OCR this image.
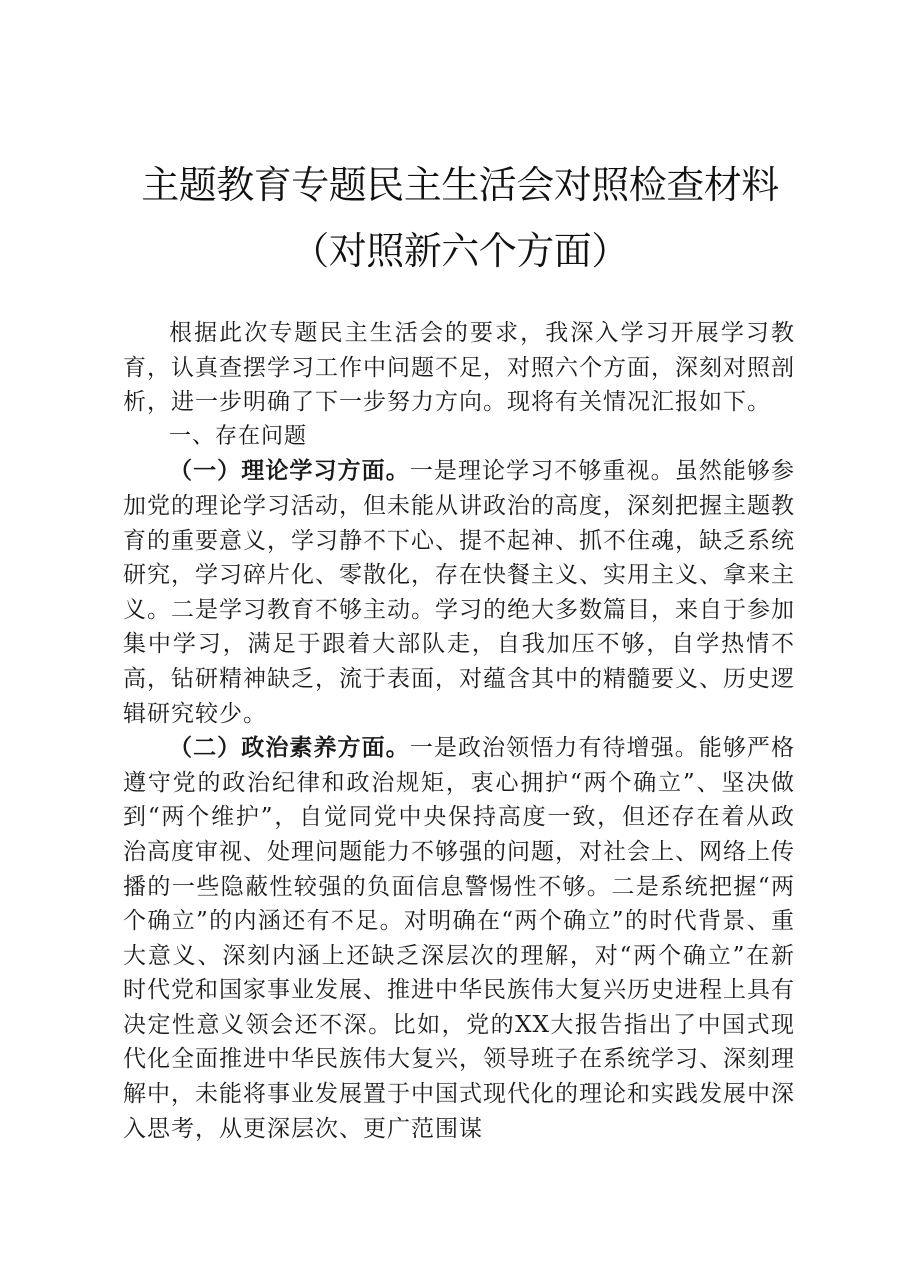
主题教育专题民主生活会对照检查材料（对照新六个方面）

根据此次专题民主生活会的要求，我深入学习开展学习教育，认真查摆学习工作中问题不足，对照六个方面，深刻对照剖析，进一步明确了下一步努力方向。现将有关情况汇报如下。

一、存在问题

（一）理论学习方面。一是理论学习不够重视。虽然能够参加党的理论学习活动，但未能从讲政治的高度，深刻把握主题教育的重要意义，学习静不下心、提不起神、抓不住魂，缺乏系统研究，学习碎片化、零散化，存在快餐主义、实用主义、拿来主义。二是学习教育不够主动。学习的绝大多数篇目，来自于参加集中学习，满足于跟着大部队走，自我加压不够，自学热情不高，钻研精神缺乏，流于表面，对蕴含其中的精髓要义、历史逻辑研究较少。

（二）政治素养方面。一是政治领悟力有待增强。能够严格遵守党的政治纪律和政治规矩，衷心拥护“两个确立”、坚决做到“两个维护”，自觉同党中央保持高度一致，但还存在着从政治高度审视、处理问题能力不够强的问题，对社会上、网络上传播的一些隐蔽性较强的负面信息警惕性不够。二是系统把握“两个确立”的内涵还有不足。对明确在“两个确立”的时代背景、重大意义、深刻内涵上还缺乏深层次的理解，对“两个确立”在新时代党和国家事业发展、推进中华民族伟大复兴历史进程上具有决定性意义领会还不深。比如，党的XX大报告指出了中国式现代化全面推进中华民族伟大复兴，领导班子在系统学习、深刻理解中，未能将事业发展置于中国式现代化的理论和实践发展中深入思考，从更深层次、更广范围谋
